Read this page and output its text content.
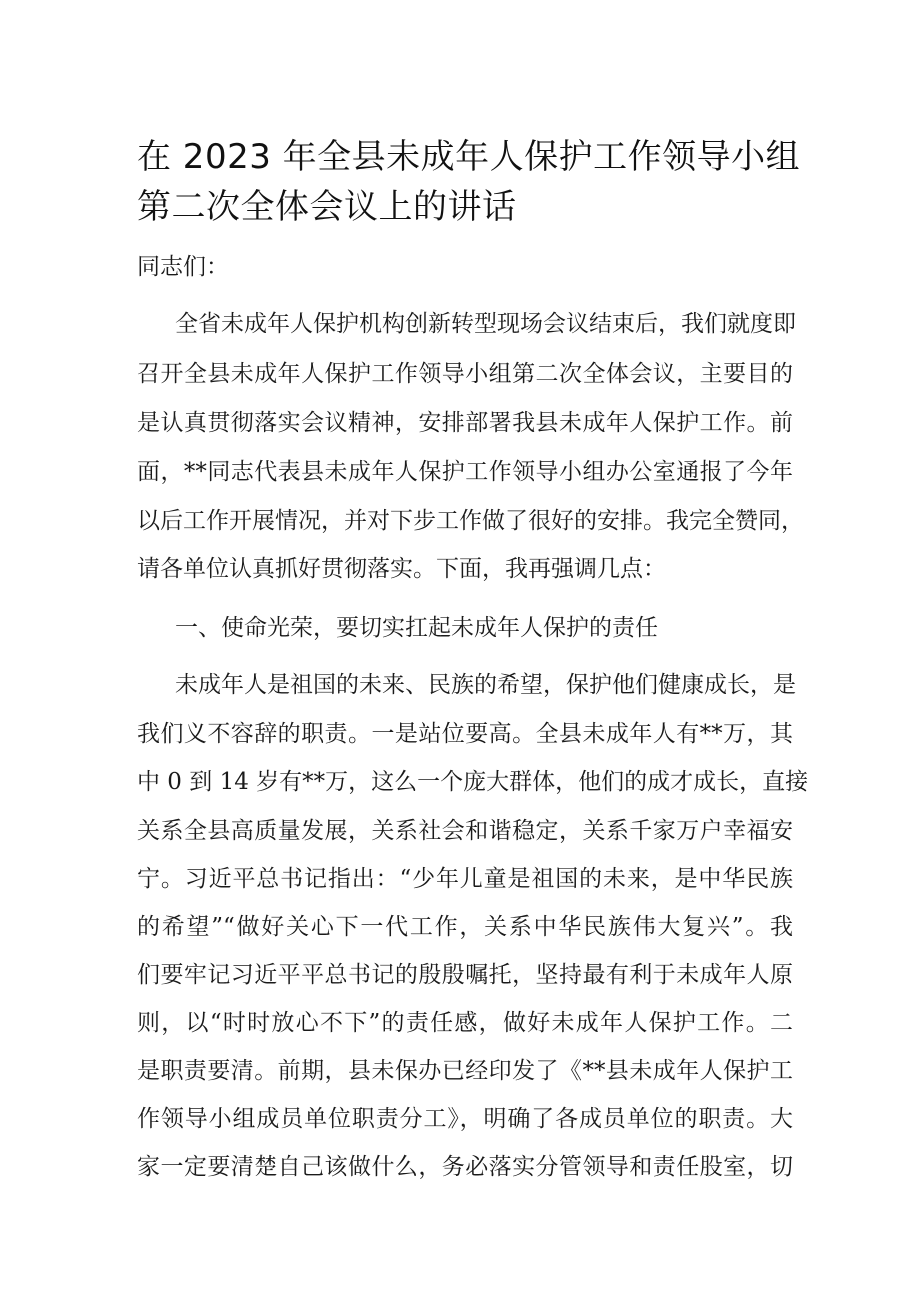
在 2023 年全县未成年人保护工作领导小组
第二次全体会议上的讲话
同志们：
全省未成年人保护机构创新转型现场会议结束后，我们就度即
召开全县未成年人保护工作领导小组第二次全体会议，主要目的
是认真贯彻落实会议精神，安排部署我县未成年人保护工作。前
面，**同志代表县未成年人保护工作领导小组办公室通报了今年
以后工作开展情况，并对下步工作做了很好的安排。我完全赞同，
请各单位认真抓好贯彻落实。下面，我再强调几点：
一、使命光荣，要切实扛起未成年人保护的责任
未成年人是祖国的未来、民族的希望，保护他们健康成长，是
我们义不容辞的职责。一是站位要高。全县未成年人有**万，其
中 0 到 14 岁有**万，这么一个庞大群体，他们的成才成长，直接
关系全县高质量发展，关系社会和谐稳定，关系千家万户幸福安
宁。习近平总书记指出：“少年儿童是祖国的未来，是中华民族
的希望”“做好关心下一代工作，关系中华民族伟大复兴”。我
们要牢记习近平平总书记的殷殷嘱托，坚持最有利于未成年人原
则，以“时时放心不下”的责任感，做好未成年人保护工作。二
是职责要清。前期，县未保办已经印发了《**县未成年人保护工
作领导小组成员单位职责分工》，明确了各成员单位的职责。大
家一定要清楚自己该做什么，务必落实分管领导和责任股室，切
